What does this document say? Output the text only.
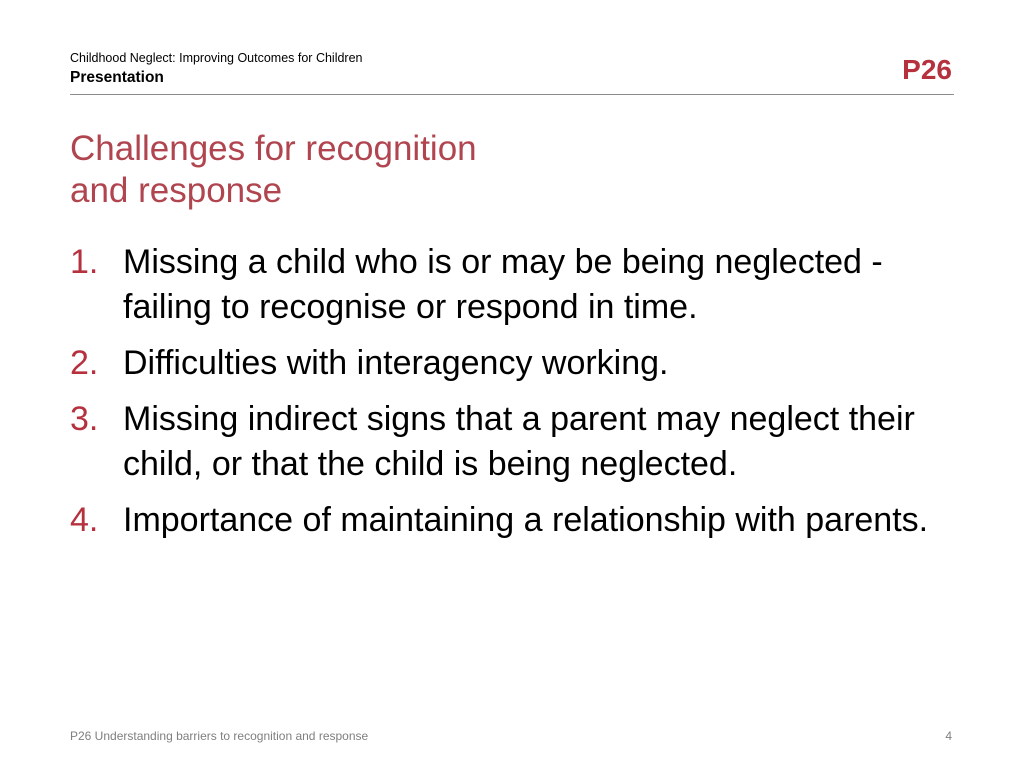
Childhood Neglect: Improving Outcomes for Children
Presentation	P26
Challenges for recognition
and response
1. Missing a child who is or may be being neglected - failing to recognise or respond in time.
2. Difficulties with interagency working.
3. Missing indirect signs that a parent may neglect their child, or that the child is being neglected.
4. Importance of maintaining a relationship with parents.
P26 Understanding barriers to recognition and response	4
